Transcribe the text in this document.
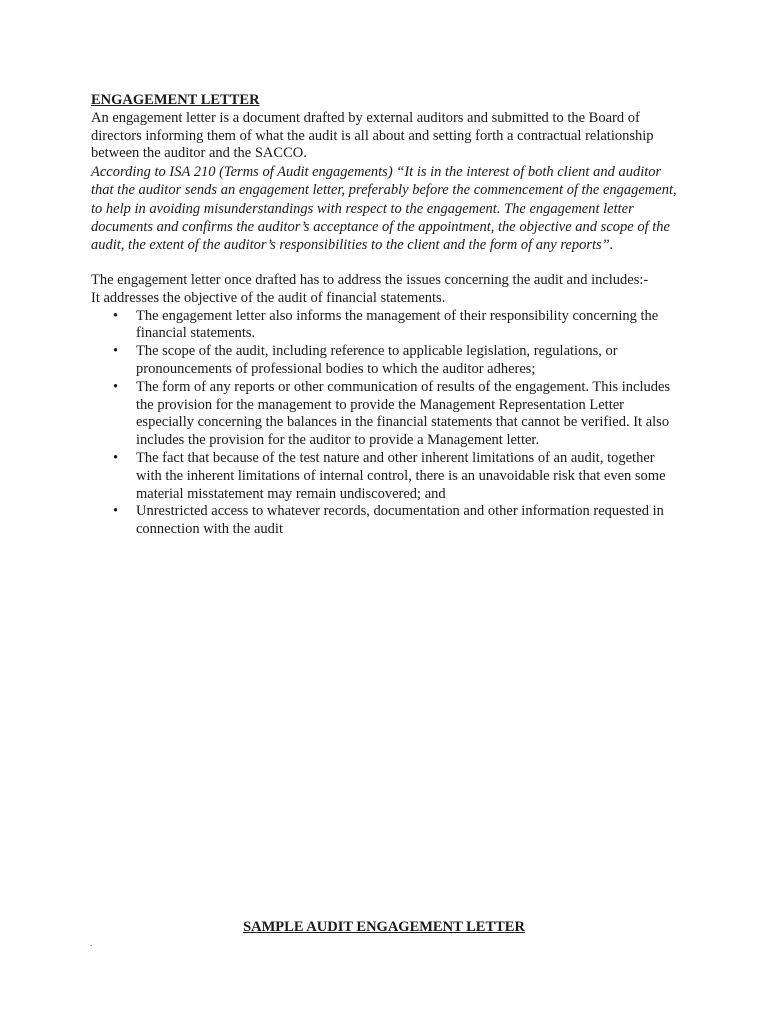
ENGAGEMENT LETTER

An engagement letter is a document drafted by external auditors and submitted to the Board of directors informing them of what the audit is all about and setting forth a contractual relationship between the auditor and the SACCO.

According to ISA 210 (Terms of Audit engagements) “It is in the interest of both client and auditor that the auditor sends an engagement letter, preferably before the commencement of the engagement, to help in avoiding misunderstandings with respect to the engagement. The engagement letter documents and confirms the auditor’s acceptance of the appointment, the objective and scope of the audit, the extent of the auditor’s responsibilities to the client and the form of any reports”.

The engagement letter once drafted has to address the issues concerning the audit and includes:-

It addresses the objective of the audit of financial statements.

• The engagement letter also informs the management of their responsibility concerning the financial statements.
• The scope of the audit, including reference to applicable legislation, regulations, or pronouncements of professional bodies to which the auditor adheres;
• The form of any reports or other communication of results of the engagement. This includes the provision for the management to provide the Management Representation Letter especially concerning the balances in the financial statements that cannot be verified. It also includes the provision for the auditor to provide a Management letter.
• The fact that because of the test nature and other inherent limitations of an audit, together with the inherent limitations of internal control, there is an unavoidable risk that even some material misstatement may remain undiscovered; and
• Unrestricted access to whatever records, documentation and other information requested in connection with the audit
SAMPLE AUDIT ENGAGEMENT LETTER
.
